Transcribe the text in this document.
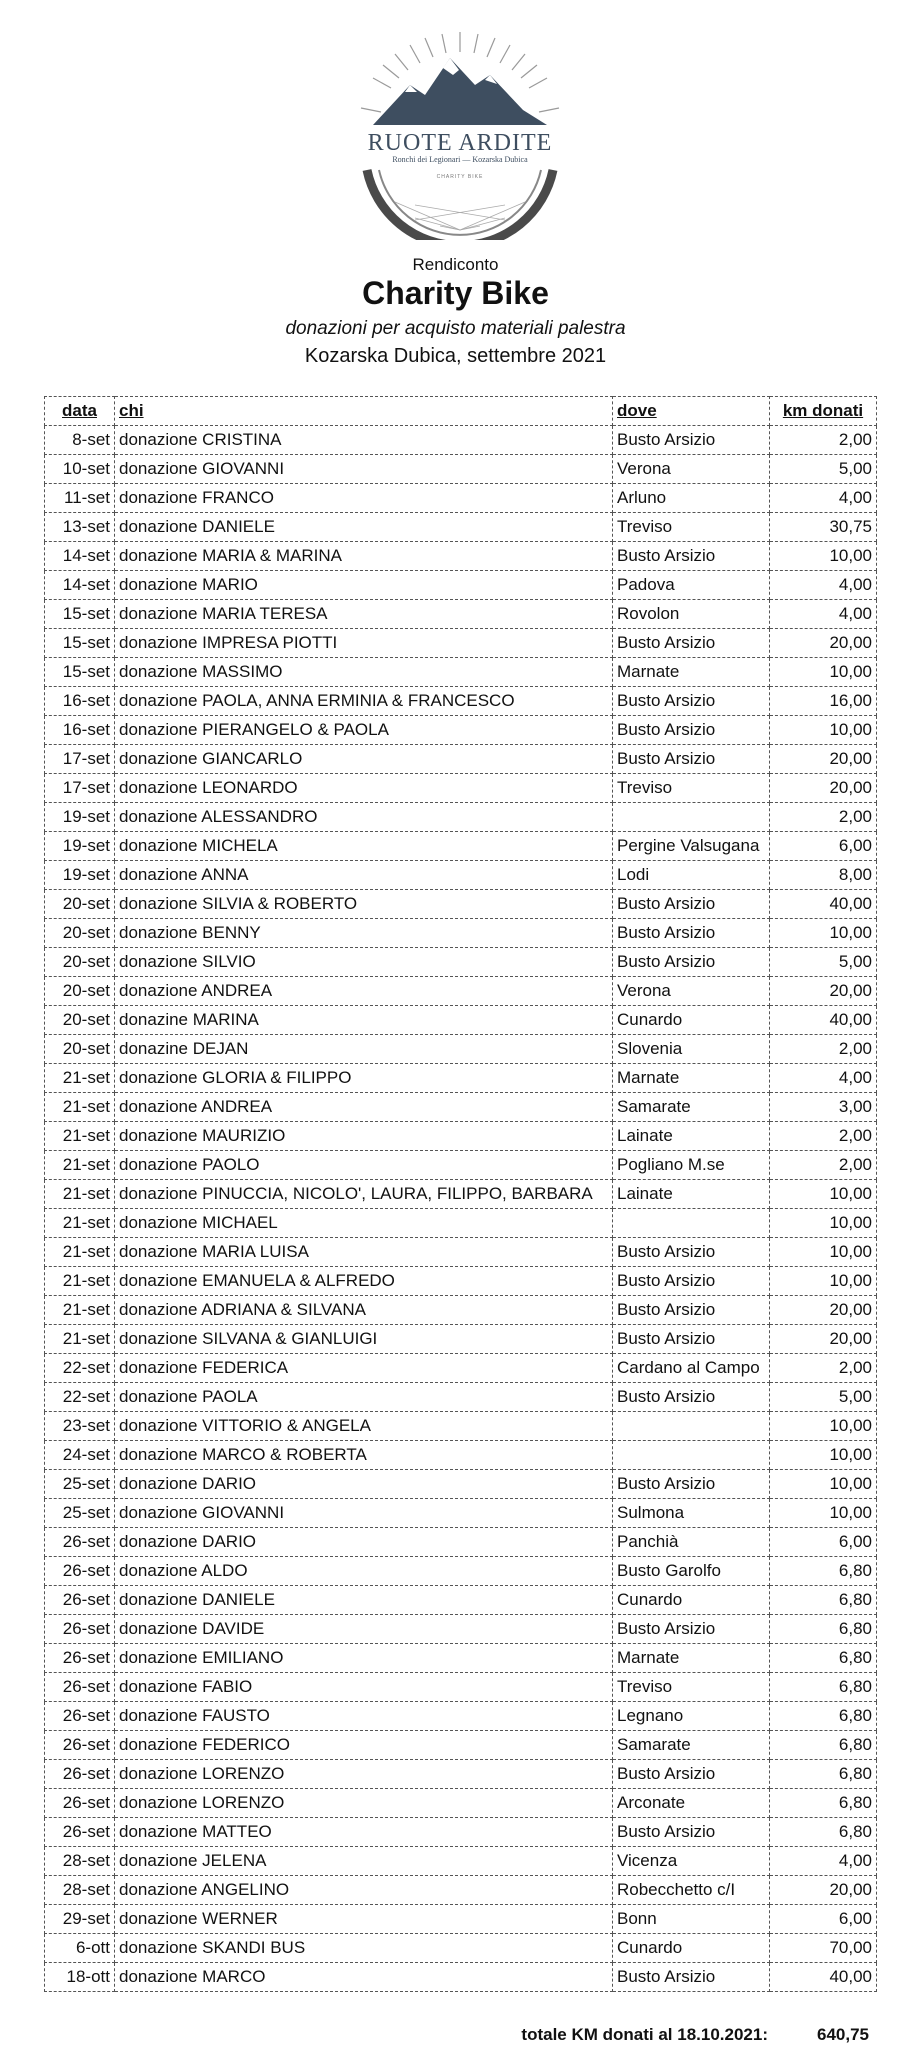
RUOTE ARDITE
Ronchi dei Legionari — Kozarska Dubica
CHARITY BIKE
Rendiconto
Charity Bike
donazioni per acquisto materiali palestra
Kozarska Dubica, settembre 2021
data	chi	dove	km donati
8-set	donazione CRISTINA	Busto Arsizio	2,00
10-set	donazione GIOVANNI	Verona	5,00
11-set	donazione FRANCO	Arluno	4,00
13-set	donazione DANIELE	Treviso	30,75
14-set	donazione MARIA & MARINA	Busto Arsizio	10,00
14-set	donazione MARIO	Padova	4,00
15-set	donazione MARIA TERESA	Rovolon	4,00
15-set	donazione IMPRESA PIOTTI	Busto Arsizio	20,00
15-set	donazione MASSIMO	Marnate	10,00
16-set	donazione PAOLA, ANNA ERMINIA & FRANCESCO	Busto Arsizio	16,00
16-set	donazione PIERANGELO & PAOLA	Busto Arsizio	10,00
17-set	donazione GIANCARLO	Busto Arsizio	20,00
17-set	donazione LEONARDO	Treviso	20,00
19-set	donazione ALESSANDRO		2,00
19-set	donazione MICHELA	Pergine Valsugana	6,00
19-set	donazione ANNA	Lodi	8,00
20-set	donazione SILVIA & ROBERTO	Busto Arsizio	40,00
20-set	donazione BENNY	Busto Arsizio	10,00
20-set	donazione SILVIO	Busto Arsizio	5,00
20-set	donazione ANDREA	Verona	20,00
20-set	donazine MARINA	Cunardo	40,00
20-set	donazine DEJAN	Slovenia	2,00
21-set	donazione GLORIA & FILIPPO	Marnate	4,00
21-set	donazione ANDREA	Samarate	3,00
21-set	donazione MAURIZIO	Lainate	2,00
21-set	donazione PAOLO	Pogliano M.se	2,00
21-set	donazione PINUCCIA, NICOLO', LAURA, FILIPPO, BARBARA	Lainate	10,00
21-set	donazione MICHAEL		10,00
21-set	donazione MARIA LUISA	Busto Arsizio	10,00
21-set	donazione EMANUELA & ALFREDO	Busto Arsizio	10,00
21-set	donazione ADRIANA & SILVANA	Busto Arsizio	20,00
21-set	donazione SILVANA & GIANLUIGI	Busto Arsizio	20,00
22-set	donazione FEDERICA	Cardano al Campo	2,00
22-set	donazione PAOLA	Busto Arsizio	5,00
23-set	donazione VITTORIO & ANGELA		10,00
24-set	donazione MARCO & ROBERTA		10,00
25-set	donazione DARIO	Busto Arsizio	10,00
25-set	donazione GIOVANNI	Sulmona	10,00
26-set	donazione DARIO	Panchià	6,00
26-set	donazione ALDO	Busto Garolfo	6,80
26-set	donazione DANIELE	Cunardo	6,80
26-set	donazione DAVIDE	Busto Arsizio	6,80
26-set	donazione EMILIANO	Marnate	6,80
26-set	donazione FABIO	Treviso	6,80
26-set	donazione FAUSTO	Legnano	6,80
26-set	donazione FEDERICO	Samarate	6,80
26-set	donazione LORENZO	Busto Arsizio	6,80
26-set	donazione LORENZO	Arconate	6,80
26-set	donazione MATTEO	Busto Arsizio	6,80
28-set	donazione JELENA	Vicenza	4,00
28-set	donazione ANGELINO	Robecchetto c/I	20,00
29-set	donazione WERNER	Bonn	6,00
6-ott	donazione SKANDI BUS	Cunardo	70,00
18-ott	donazione MARCO	Busto Arsizio	40,00
totale KM donati al 18.10.2021:	640,75
